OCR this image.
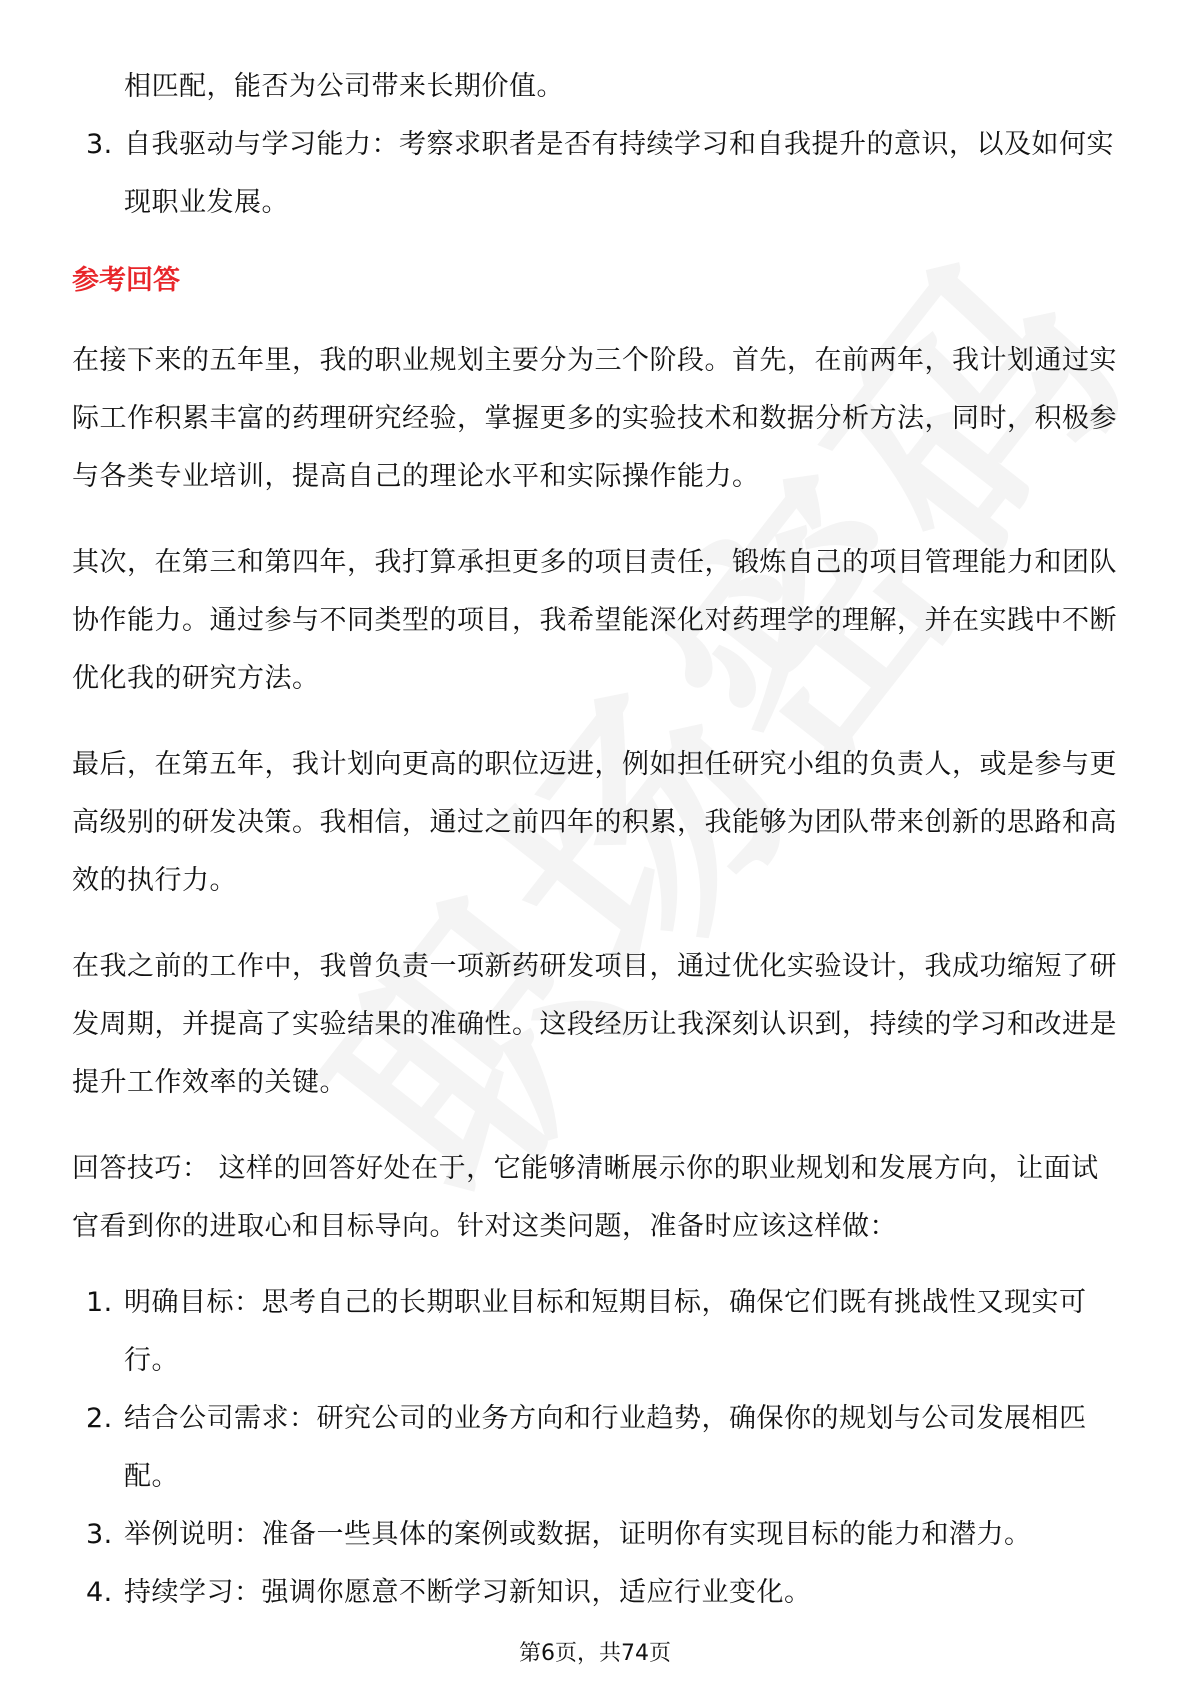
相匹配，能否为公司带来长期价值。

3. 自我驱动与学习能力：考察求职者是否有持续学习和自我提升的意识，以及如何实现职业发展。
参考回答

在接下来的五年里，我的职业规划主要分为三个阶段。首先，在前两年，我计划通过实际工作积累丰富的药理研究经验，掌握更多的实验技术和数据分析方法，同时，积极参与各类专业培训，提高自己的理论水平和实际操作能力。

其次，在第三和第四年，我打算承担更多的项目责任，锻炼自己的项目管理能力和团队协作能力。通过参与不同类型的项目，我希望能深化对药理学的理解，并在实践中不断优化我的研究方法。

最后，在第五年，我计划向更高的职位迈进，例如担任研究小组的负责人，或是参与更高级别的研发决策。我相信，通过之前四年的积累，我能够为团队带来创新的思路和高效的执行力。

在我之前的工作中，我曾负责一项新药研发项目，通过优化实验设计，我成功缩短了研发周期，并提高了实验结果的准确性。这段经历让我深刻认识到，持续的学习和改进是提升工作效率的关键。

回答技巧： 这样的回答好处在于，它能够清晰展示你的职业规划和发展方向，让面试官看到你的进取心和目标导向。针对这类问题，准备时应该这样做：

1. 明确目标：思考自己的长期职业目标和短期目标，确保它们既有挑战性又现实可行。
2. 结合公司需求：研究公司的业务方向和行业趋势，确保你的规划与公司发展相匹配。
3. 举例说明：准备一些具体的案例或数据，证明你有实现目标的能力和潜力。
4. 持续学习：强调你愿意不断学习新知识，适应行业变化。
第6页，共74页
